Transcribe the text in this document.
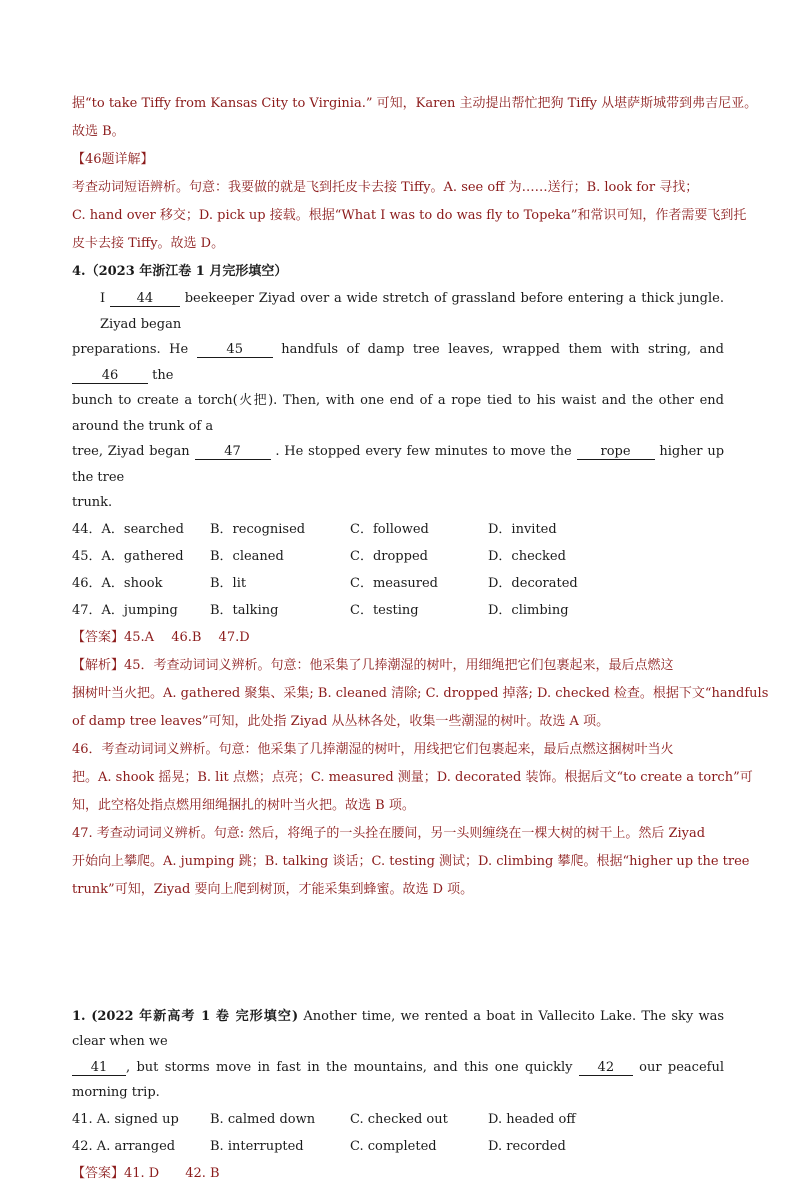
据“to take Tiffy from Kansas City to Virginia.” 可知，Karen 主动提出帮忙把狗 Tiffy 从堪萨斯城带到弗吉尼亚。
故选 B。
【46题详解】
考查动词短语辨析。句意：我要做的就是飞到托皮卡去接 Tiffy。A. see off 为……送行；B. look for 寻找；
C. hand over 移交；D. pick up 接载。根据“What I was to do was fly to Topeka”和常识可知，作者需要飞到托
皮卡去接 Tiffy。故选 D。
4.（2023 年浙江卷 1 月完形填空）
I 44 beekeeper Ziyad over a wide stretch of grassland before entering a thick jungle. Ziyad began
preparations. He 45 handfuls of damp tree leaves, wrapped them with string, and 46 the
bunch to create a torch(火把). Then, with one end of a rope tied to his waist and the other end around the trunk of a
tree, Ziyad began 47 . He stopped every few minutes to move the rope higher up the tree
trunk.
44．A．searched	B．recognised	C．followed	D．invited
45．A．gathered	B．cleaned	C．dropped	D．checked
46．A．shook	B．lit	C．measured	D．decorated
47．A．jumping	B．talking	C．testing	D．climbing
【答案】45.A　 46.B　 47.D
【解析】45．考查动词词义辨析。句意：他采集了几捧潮湿的树叶，用细绳把它们包裹起来，最后点燃这
捆树叶当火把。A. gathered 聚集、采集; B. cleaned 清除; C. dropped 掉落; D. checked 检查。根据下文“handfuls
of damp tree leaves”可知，此处指 Ziyad 从丛林各处，收集一些潮湿的树叶。故选 A 项。
46．考查动词词义辨析。句意：他采集了几捧潮湿的树叶，用线把它们包裹起来，最后点燃这捆树叶当火
把。A. shook 摇晃；B. lit 点燃；点亮；C. measured 测量；D. decorated 装饰。根据后文“to create a torch”可
知，此空格处指点燃用细绳捆扎的树叶当火把。故选 B 项。
47. 考查动词词义辨析。句意: 然后，将绳子的一头拴在腰间，另一头则缠绕在一棵大树的树干上。然后 Ziyad
开始向上攀爬。A. jumping 跳；B. talking 谈话；C. testing 测试；D. climbing 攀爬。根据“higher up the tree
trunk”可知，Ziyad 要向上爬到树顶，才能采集到蜂蜜。故选 D 项。
1. (2022 年新高考 1 卷 完形填空) Another time, we rented a boat in Vallecito Lake. The sky was clear when we
41 , but storms move in fast in the mountains, and this one quickly 42 our peaceful morning trip.
41. A. signed up	B. calmed down	C. checked out	D. headed off
42. A. arranged	B. interrupted	C. completed	D. recorded
【答案】41. D　　42. B
